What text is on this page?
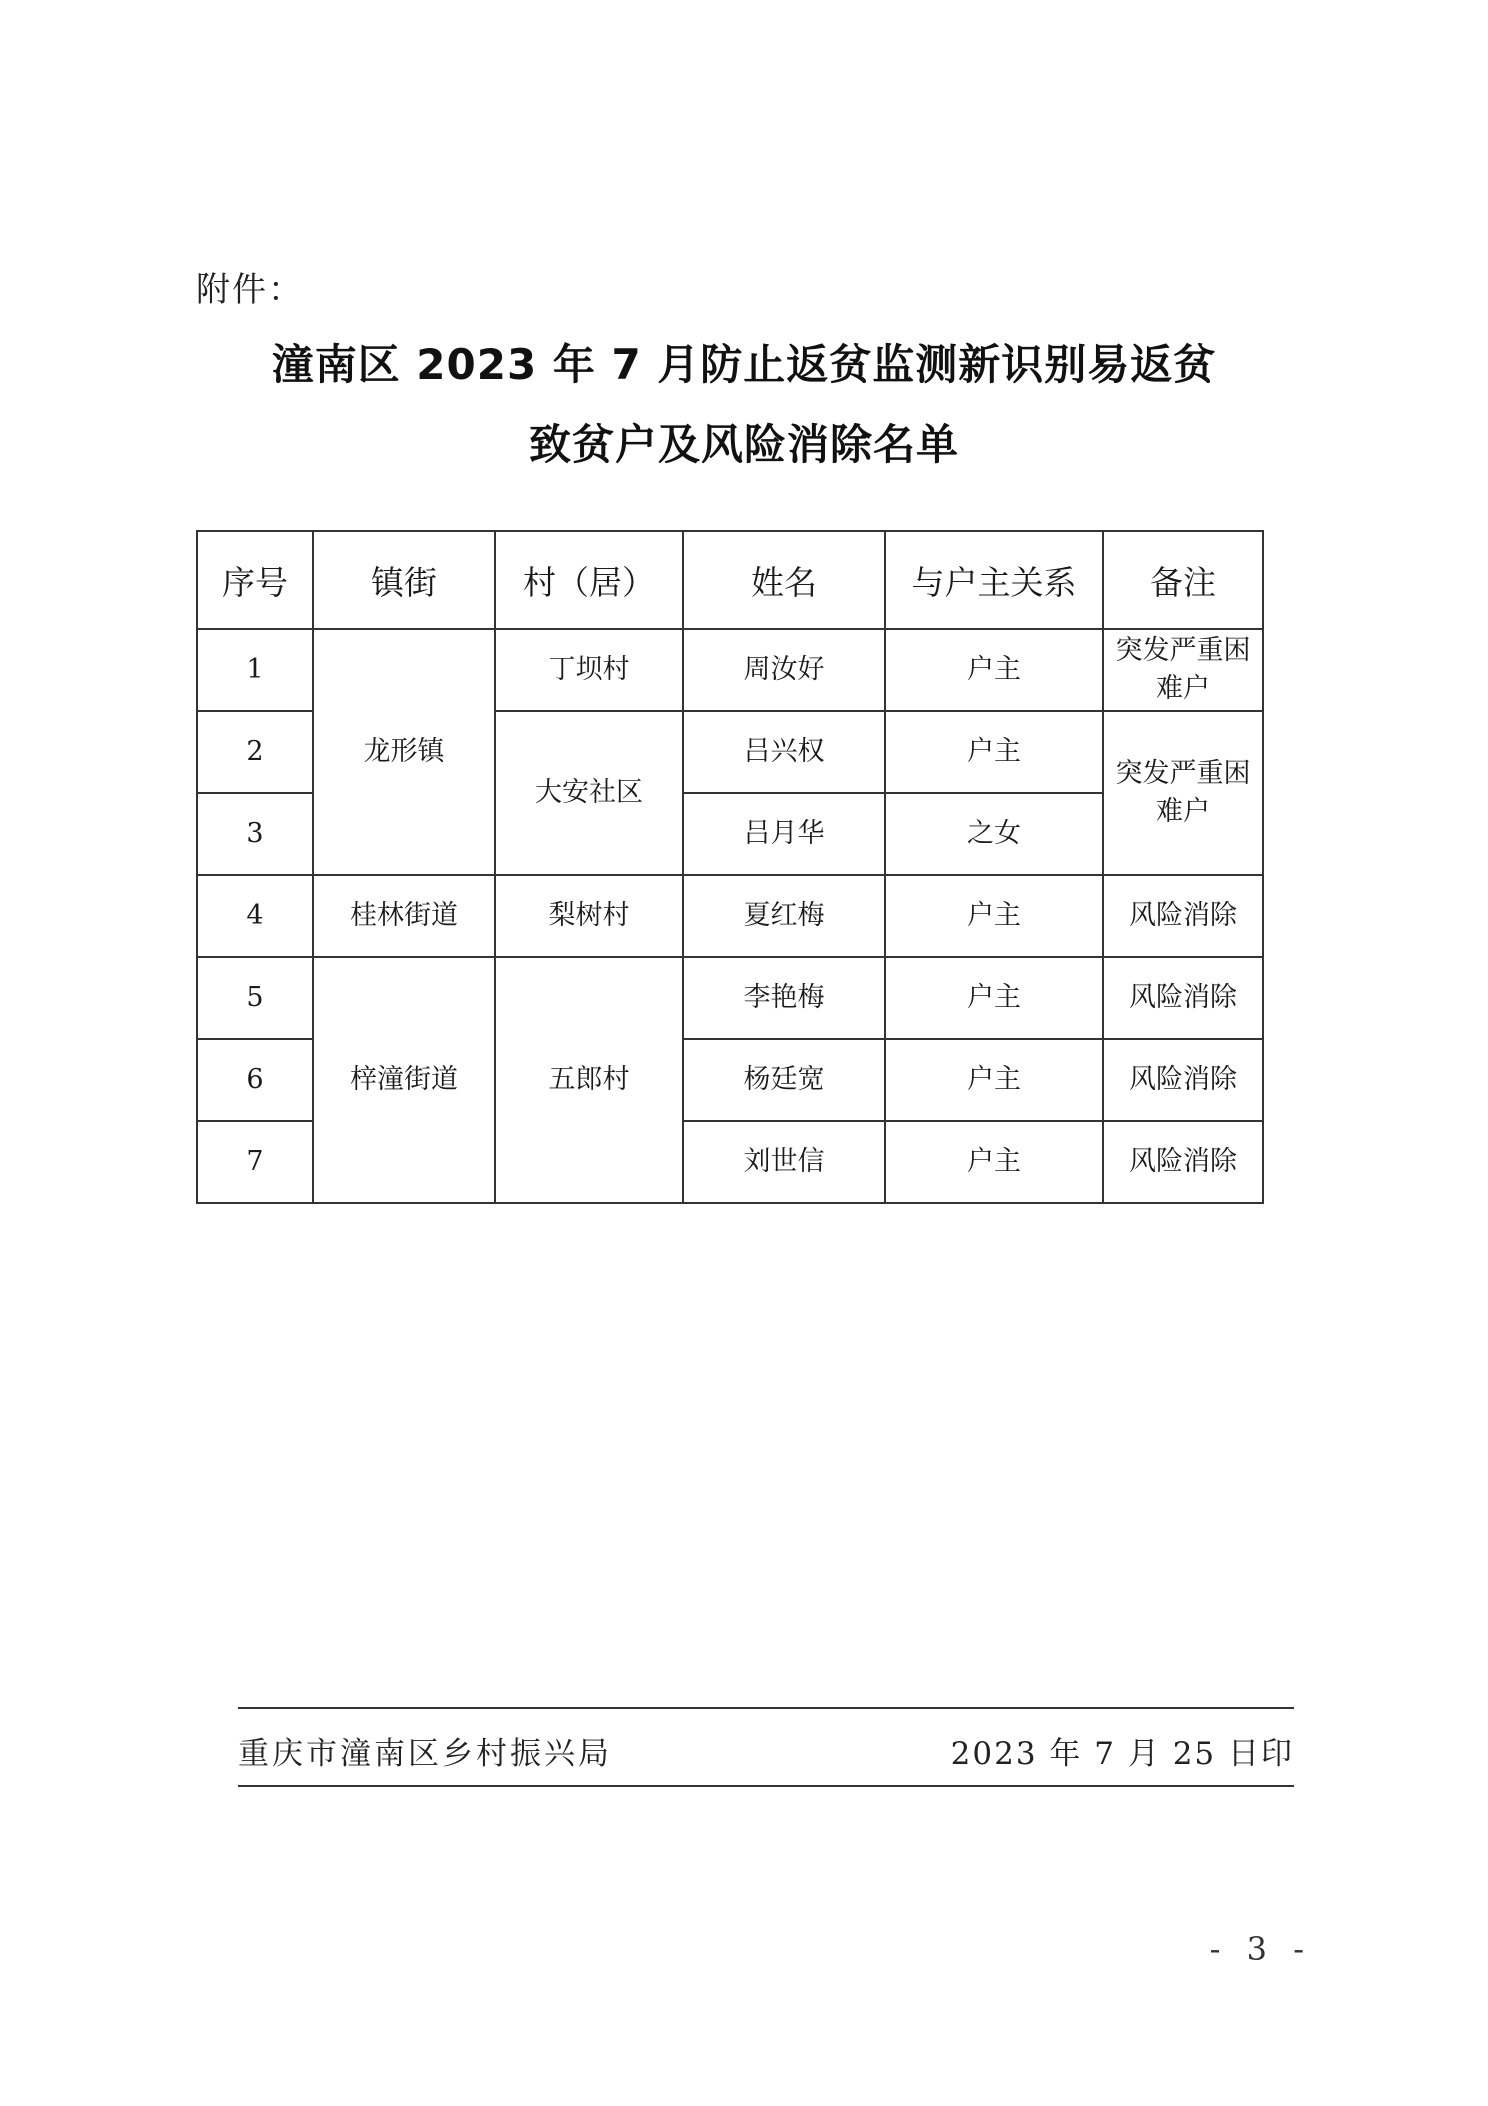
附件：
潼南区 2023 年 7 月防止返贫监测新识别易返贫
致贫户及风险消除名单
序号	镇街	村（居）	姓名	与户主关系	备注
1	龙形镇	丁坝村	周汝好	户主	突发严重困难户
2		大安社区	吕兴权	户主	突发严重困难户
3			吕月华	之女	
4	桂林街道	梨树村	夏红梅	户主	风险消除
5	梓潼街道	五郎村	李艳梅	户主	风险消除
6			杨廷宽	户主	风险消除
7			刘世信	户主	风险消除
重庆市潼南区乡村振兴局	2023 年 7 月 25 日印
- 3 -
